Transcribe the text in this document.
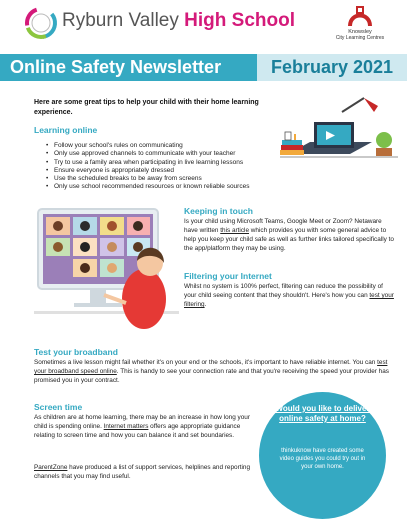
Ryburn Valley High School
Knowsley
City Learning Centres
Online Safety Newsletter	February 2021
Here are some great tips to help your child with their home learning experience.
Learning online
• Follow your school's rules on communicating
• Only use approved channels to communicate with your teacher
• Try to use a family area when participating in live learning lessons
• Ensure everyone is appropriately dressed
• Use the scheduled breaks to be away from screens
• Only use school recommended resources or known reliable sources
Keeping in touch
Is your child using Microsoft Teams, Google Meet or Zoom? Netaware have written this article which provides you with some general advice to help you keep your child safe as well as further links tailored specifically to the app/platform they may be using.
Filtering your Internet
Whilst no system is 100% perfect, filtering can reduce the possibility of your child seeing content that they shouldn't. Here's how you can test your filtering.
Test your broadband
Sometimes a live lesson might fail whether it's on your end or the schools, it's important to have reliable internet. You can test your broadband speed online. This is handy to see your connection rate and that you're receiving the speed your provider has promised you in your contract.
Screen time
As children are at home learning, there may be an increase in how long your child is spending online. Internet matters offers age appropriate guidance relating to screen time and how you can balance it and set boundaries.
ParentZone have produced a list of support services, helplines and reporting channels that you may find useful.
Would you like to deliver online safety at home?
thinkuknow have created some video guides you could try out in your own home.
